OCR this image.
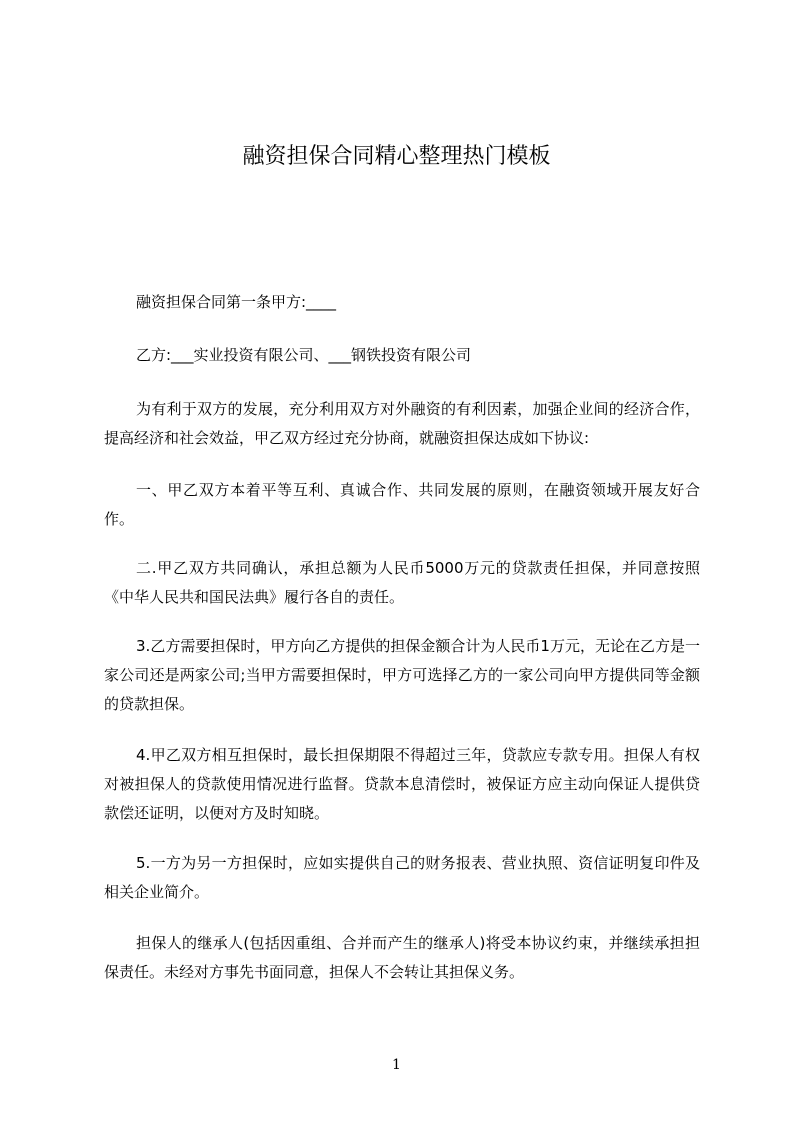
融资担保合同精心整理热门模板

融资担保合同第一条甲方:____

乙方:___实业投资有限公司、___钢铁投资有限公司

为有利于双方的发展，充分利用双方对外融资的有利因素，加强企业间的经济合作，提高经济和社会效益，甲乙双方经过充分协商，就融资担保达成如下协议:

一、甲乙双方本着平等互利、真诚合作、共同发展的原则，在融资领域开展友好合作。

二.甲乙双方共同确认，承担总额为人民币5000万元的贷款责任担保，并同意按照《中华人民共和国民法典》履行各自的责任。

3.乙方需要担保时，甲方向乙方提供的担保金额合计为人民币1万元，无论在乙方是一家公司还是两家公司;当甲方需要担保时，甲方可选择乙方的一家公司向甲方提供同等金额的贷款担保。

4.甲乙双方相互担保时，最长担保期限不得超过三年，贷款应专款专用。担保人有权对被担保人的贷款使用情况进行监督。贷款本息清偿时，被保证方应主动向保证人提供贷款偿还证明，以便对方及时知晓。

5.一方为另一方担保时，应如实提供自己的财务报表、营业执照、资信证明复印件及相关企业简介。

担保人的继承人(包括因重组、合并而产生的继承人)将受本协议约束，并继续承担担保责任。未经对方事先书面同意，担保人不会转让其担保义务。

1
